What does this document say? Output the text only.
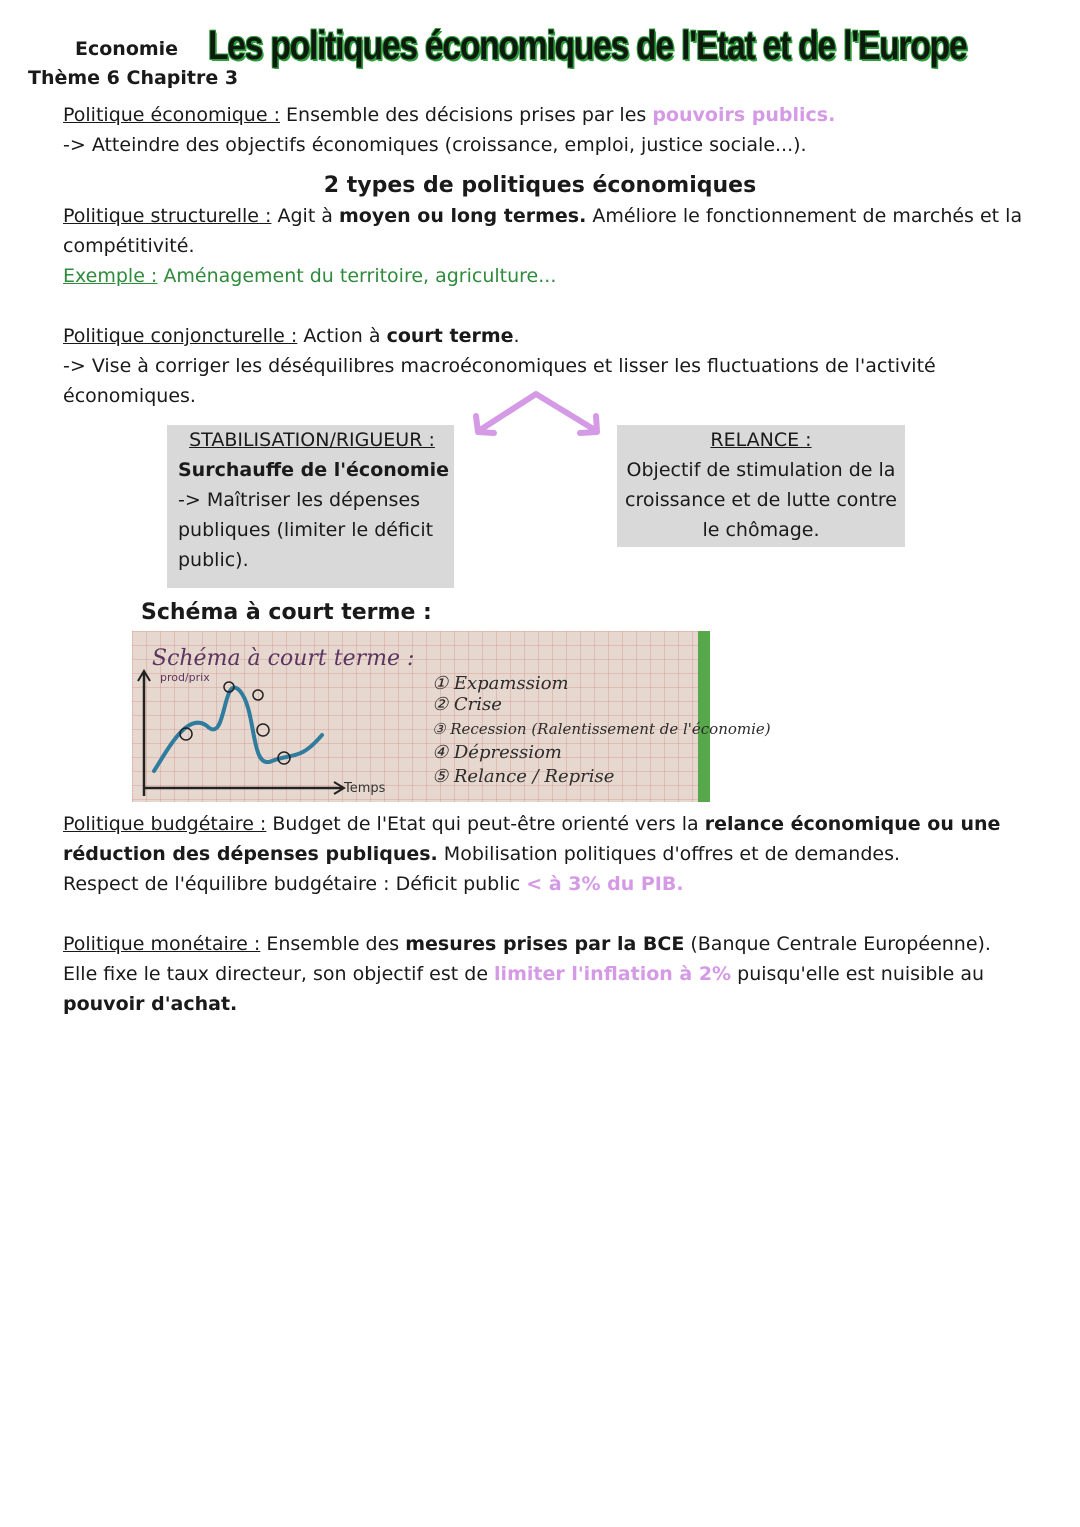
Economie
Thème 6 Chapitre 3
Les politiques économiques de l'Etat et de l'Europe
Politique économique : Ensemble des décisions prises par les pouvoirs publics.
-> Atteindre des objectifs économiques (croissance, emploi, justice sociale...).
2 types de politiques économiques
Politique structurelle : Agit à moyen ou long termes. Améliore le fonctionnement de marchés et la compétitivité.
Exemple : Aménagement du territoire, agriculture...
Politique conjoncturelle : Action à court terme.
-> Vise à corriger les déséquilibres macroéconomiques et lisser les fluctuations de l'activité économiques.
STABILISATION/RIGUEUR :
Surchauffe de l'économie
-> Maîtriser les dépenses publiques (limiter le déficit public).
RELANCE :
Objectif de stimulation de la croissance et de lutte contre le chômage.
Schéma à court terme :
Schéma à court terme :
prod/prix
Temps
① Expamssiom
② Crise
③ Recession (Ralentissement de l'économie)
④ Dépressiom
⑤ Relance / Reprise
Politique budgétaire : Budget de l'Etat qui peut-être orienté vers la relance économique ou une réduction des dépenses publiques. Mobilisation politiques d'offres et de demandes.
Respect de l'équilibre budgétaire : Déficit public < à 3% du PIB.
Politique monétaire : Ensemble des mesures prises par la BCE (Banque Centrale Européenne).
Elle fixe le taux directeur, son objectif est de limiter l'inflation à 2% puisqu'elle est nuisible au pouvoir d'achat.
